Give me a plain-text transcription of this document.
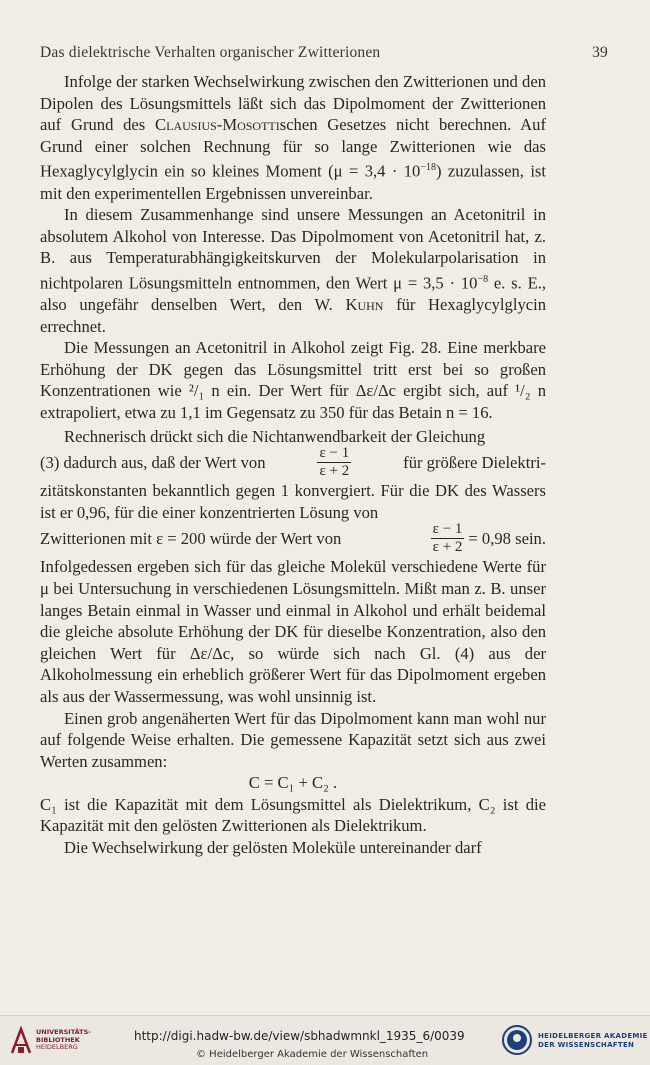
Das dielektrische Verhalten organischer Zwitterionen	39

Infolge der starken Wechselwirkung zwischen den Zwitterionen und den Dipolen des Lösungsmittels läßt sich das Dipolmoment der Zwitterionen auf Grund des Clausius-Mosottischen Gesetzes nicht berechnen. Auf Grund einer solchen Rechnung für so lange Zwitterionen wie das Hexaglycylglycin ein so kleines Moment $(\mu = 3,4 \cdot 10^{-18})$ zuzulassen, ist mit den experimentellen Ergebnissen unvereinbar.

In diesem Zusammenhange sind unsere Messungen an Acetonitril in absolutem Alkohol von Interesse. Das Dipolmoment von Acetonitril hat, z. B. aus Temperaturabhängigkeitskurven der Molekularpolarisation in nichtpolaren Lösungsmitteln entnommen, den Wert $\mu = 3,5 \cdot 10^{-8}$ e. s. E., also ungefähr denselben Wert, den W. Kuhn für Hexaglycylglycin errechnet.

Die Messungen an Acetonitril in Alkohol zeigt Fig. 28. Eine merkbare Erhöhung der DK gegen das Lösungsmittel tritt erst bei so großen Konzentrationen wie ²/₁ n ein. Der Wert für Δε/Δc ergibt sich, auf ¹/₂ n extrapoliert, etwa zu 1,1 im Gegensatz zu 350 für das Betain n = 16.

Rechnerisch drückt sich die Nichtanwendbarkeit der Gleichung

(3) dadurch aus, daß der Wert von	$\frac{\varepsilon - 1}{\varepsilon + 2}$	für größere Dielektri-

zitätskonstanten bekanntlich gegen 1 konvergiert. Für die DK des Wassers ist er 0,96, für die einer konzentrierten Lösung von

Zwitterionen mit ε = 200 würde der Wert von	$\frac{\varepsilon - 1}{\varepsilon + 2} = 0,98$ sein.

Infolgedessen ergeben sich für das gleiche Molekül verschiedene Werte für μ bei Untersuchung in verschiedenen Lösungsmitteln. Mißt man z. B. unser langes Betain einmal in Wasser und einmal in Alkohol und erhält beidemal die gleiche absolute Erhöhung der DK für dieselbe Konzentration, also den gleichen Wert für Δε/Δc, so würde sich nach Gl. (4) aus der Alkoholmessung ein erheblich größerer Wert für das Dipolmoment ergeben als aus der Wassermessung, was wohl unsinnig ist.

Einen grob angenäherten Wert für das Dipolmoment kann man wohl nur auf folgende Weise erhalten. Die gemessene Kapazität setzt sich aus zwei Werten zusammen:

C = C₁ + C₂ .

C₁ ist die Kapazität mit dem Lösungsmittel als Dielektrikum, C₂ ist die Kapazität mit den gelösten Zwitterionen als Dielektrikum.

Die Wechselwirkung der gelösten Moleküle untereinander darf

UNIVERSITÄTS-
BIBLIOTHEK
HEIDELBERG
http://digi.hadw-bw.de/view/sbhadwmnkl_1935_6/0039
© Heidelberger Akademie der Wissenschaften
HEIDELBERGER AKADEMIE
DER WISSENSCHAFTEN
